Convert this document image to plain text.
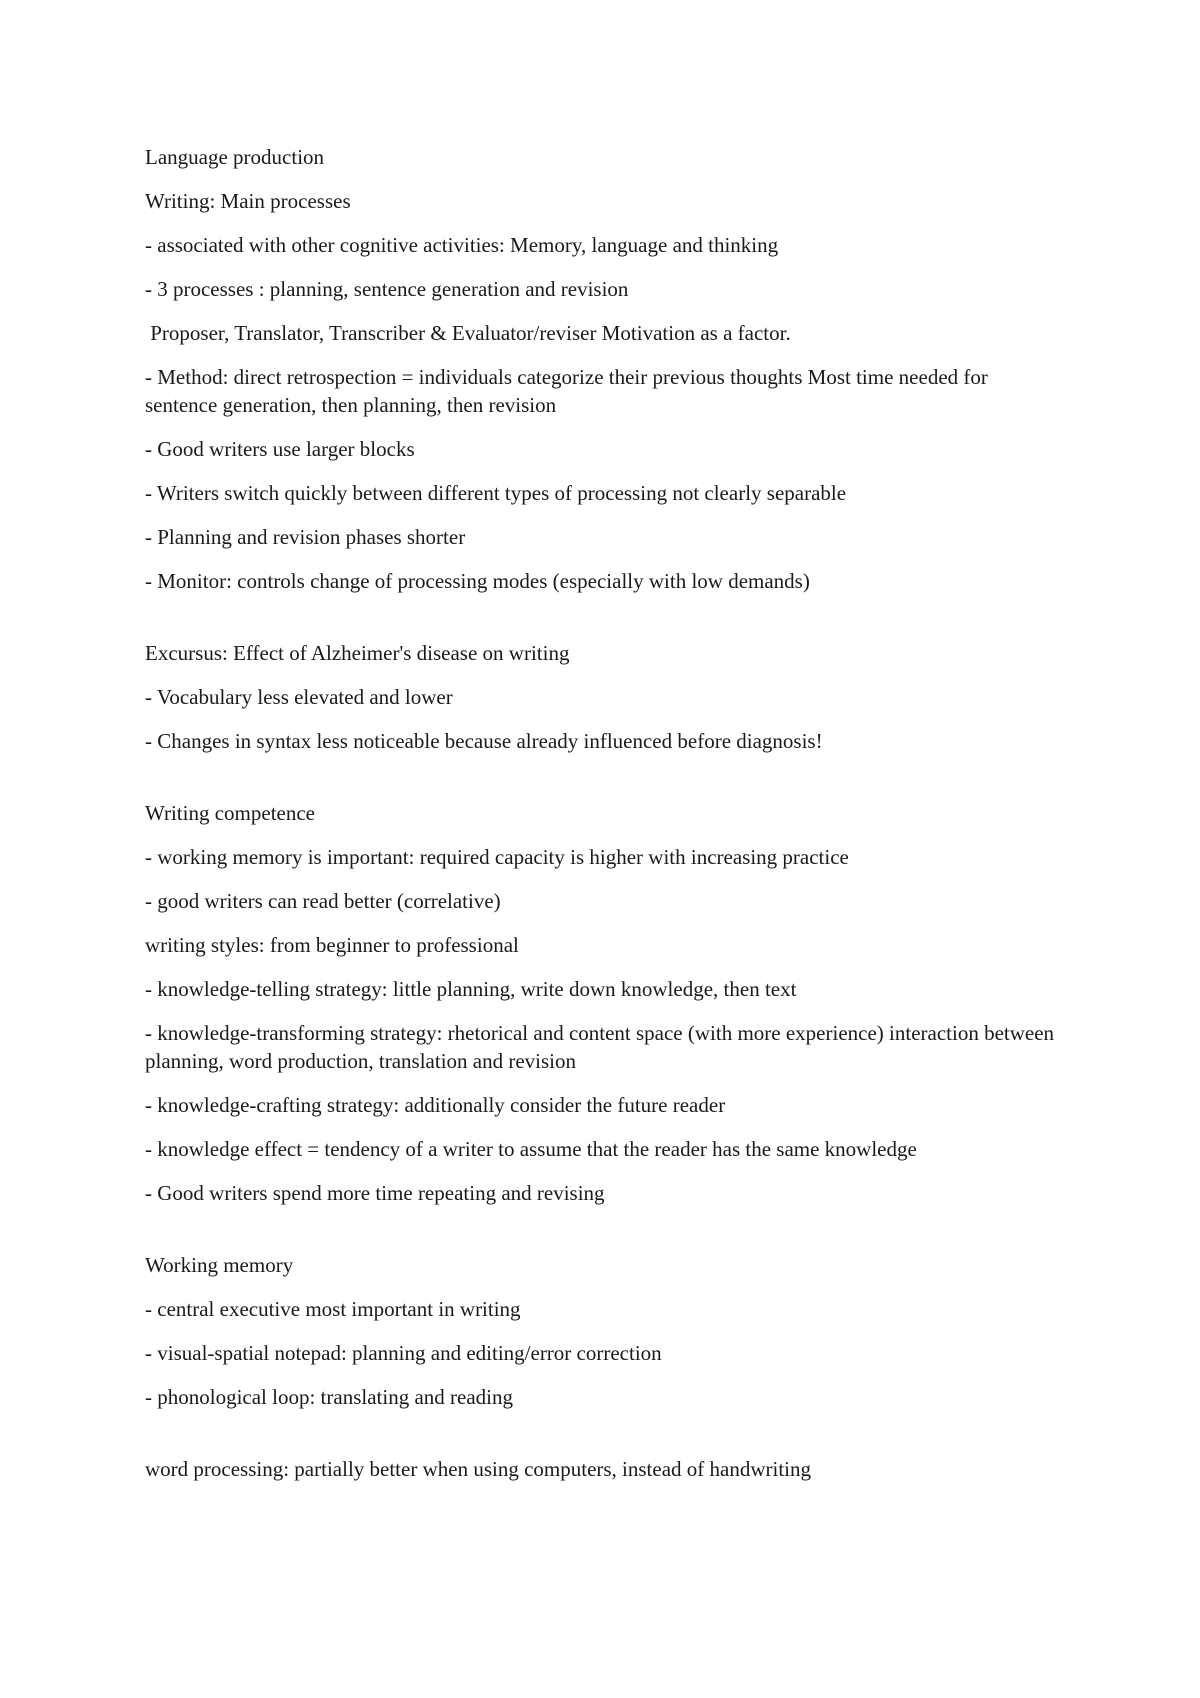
Language production

Writing: Main processes

- associated with other cognitive activities: Memory, language and thinking

- 3 processes : planning, sentence generation and revision

Proposer, Translator, Transcriber & Evaluator/reviser Motivation as a factor.

- Method: direct retrospection = individuals categorize their previous thoughts Most time needed for sentence generation, then planning, then revision

- Good writers use larger blocks

- Writers switch quickly between different types of processing not clearly separable

- Planning and revision phases shorter

- Monitor: controls change of processing modes (especially with low demands)

Excursus: Effect of Alzheimer's disease on writing

- Vocabulary less elevated and lower

- Changes in syntax less noticeable because already influenced before diagnosis!

Writing competence

- working memory is important: required capacity is higher with increasing practice

- good writers can read better (correlative)

writing styles: from beginner to professional

- knowledge-telling strategy: little planning, write down knowledge, then text

- knowledge-transforming strategy: rhetorical and content space (with more experience) interaction between planning, word production, translation and revision

- knowledge-crafting strategy: additionally consider the future reader

- knowledge effect = tendency of a writer to assume that the reader has the same knowledge

- Good writers spend more time repeating and revising

Working memory

- central executive most important in writing

- visual-spatial notepad: planning and editing/error correction

- phonological loop: translating and reading

word processing: partially better when using computers, instead of handwriting
